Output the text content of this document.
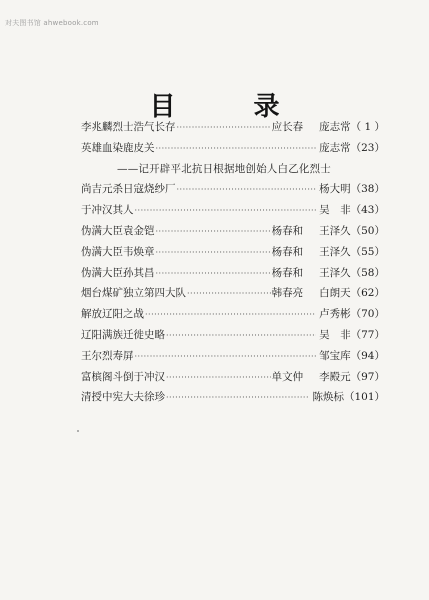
对夫图书馆 ahwebook.com
目	录
李兆麟烈士浩气长存 ·····	应长春 庞志常（ 1 ）
英雄血染鹿皮关 ·····	庞志常（23）
——记开辟平北抗日根据地创始人白乙化烈士
尚吉元杀日寇烧纱厂 ·····	杨大明（38）
于冲汉其人 ·····	吴　非（43）
伪满大臣袁金铠 ·····	杨春和 王泽久（50）
伪满大臣韦焕章 ·····	杨春和 王泽久（55）
伪满大臣孙其昌 ·····	杨春和 王泽久（58）
烟台煤矿独立第四大队 ·····	韩春亮 白朗天（62）
解放辽阳之战 ·····	卢秀彬（70）
辽阳满族迁徙史略 ·····	吴　非（77）
王尔烈寿屏 ·····	邹宝库（94）
富槟阁斗倒于冲汉 ·····	单文仲 李殿元（97）
清授中宪大夫徐珍 ·····	陈焕标（101）
